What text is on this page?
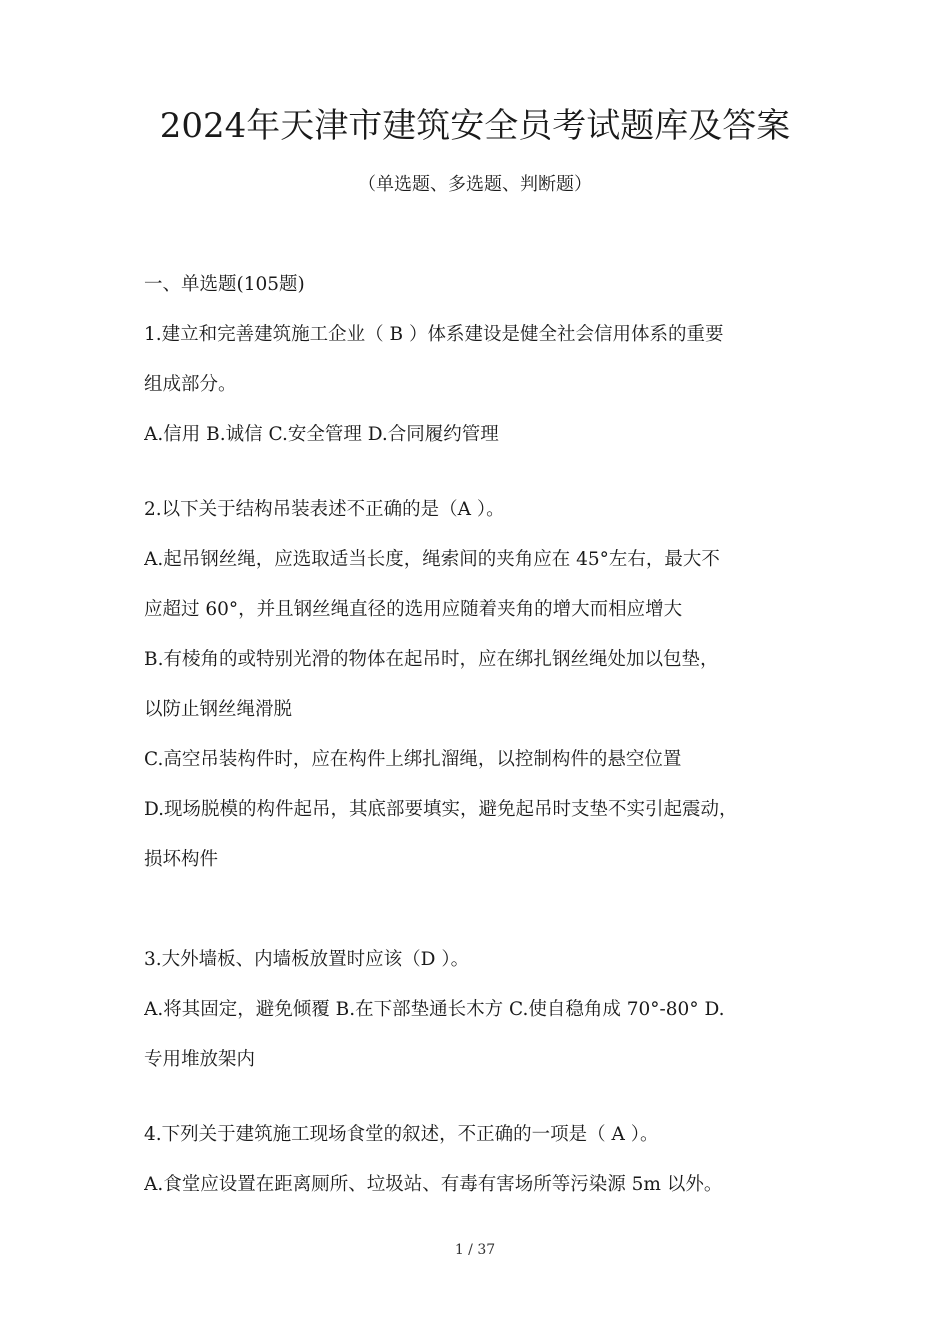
2024年天津市建筑安全员考试题库及答案
（单选题、多选题、判断题）
一、单选题(105题)
1.建立和完善建筑施工企业（ B ）体系建设是健全社会信用体系的重要
组成部分。
A.信用 B.诚信 C.安全管理 D.合同履约管理
2.以下关于结构吊装表述不正确的是（A ）。
A.起吊钢丝绳，应选取适当长度，绳索间的夹角应在 45°左右，最大不
应超过 60°，并且钢丝绳直径的选用应随着夹角的增大而相应增大
B.有棱角的或特别光滑的物体在起吊时，应在绑扎钢丝绳处加以包垫，
以防止钢丝绳滑脱
C.高空吊装构件时，应在构件上绑扎溜绳，以控制构件的悬空位置
D.现场脱模的构件起吊，其底部要填实，避免起吊时支垫不实引起震动，
损坏构件
3.大外墙板、内墙板放置时应该（D ）。
A.将其固定，避免倾覆 B.在下部垫通长木方 C.使自稳角成 70°-80° D.
专用堆放架内
4.下列关于建筑施工现场食堂的叙述，不正确的一项是（ A ）。
A.食堂应设置在距离厕所、垃圾站、有毒有害场所等污染源 5m 以外。
1 / 37
